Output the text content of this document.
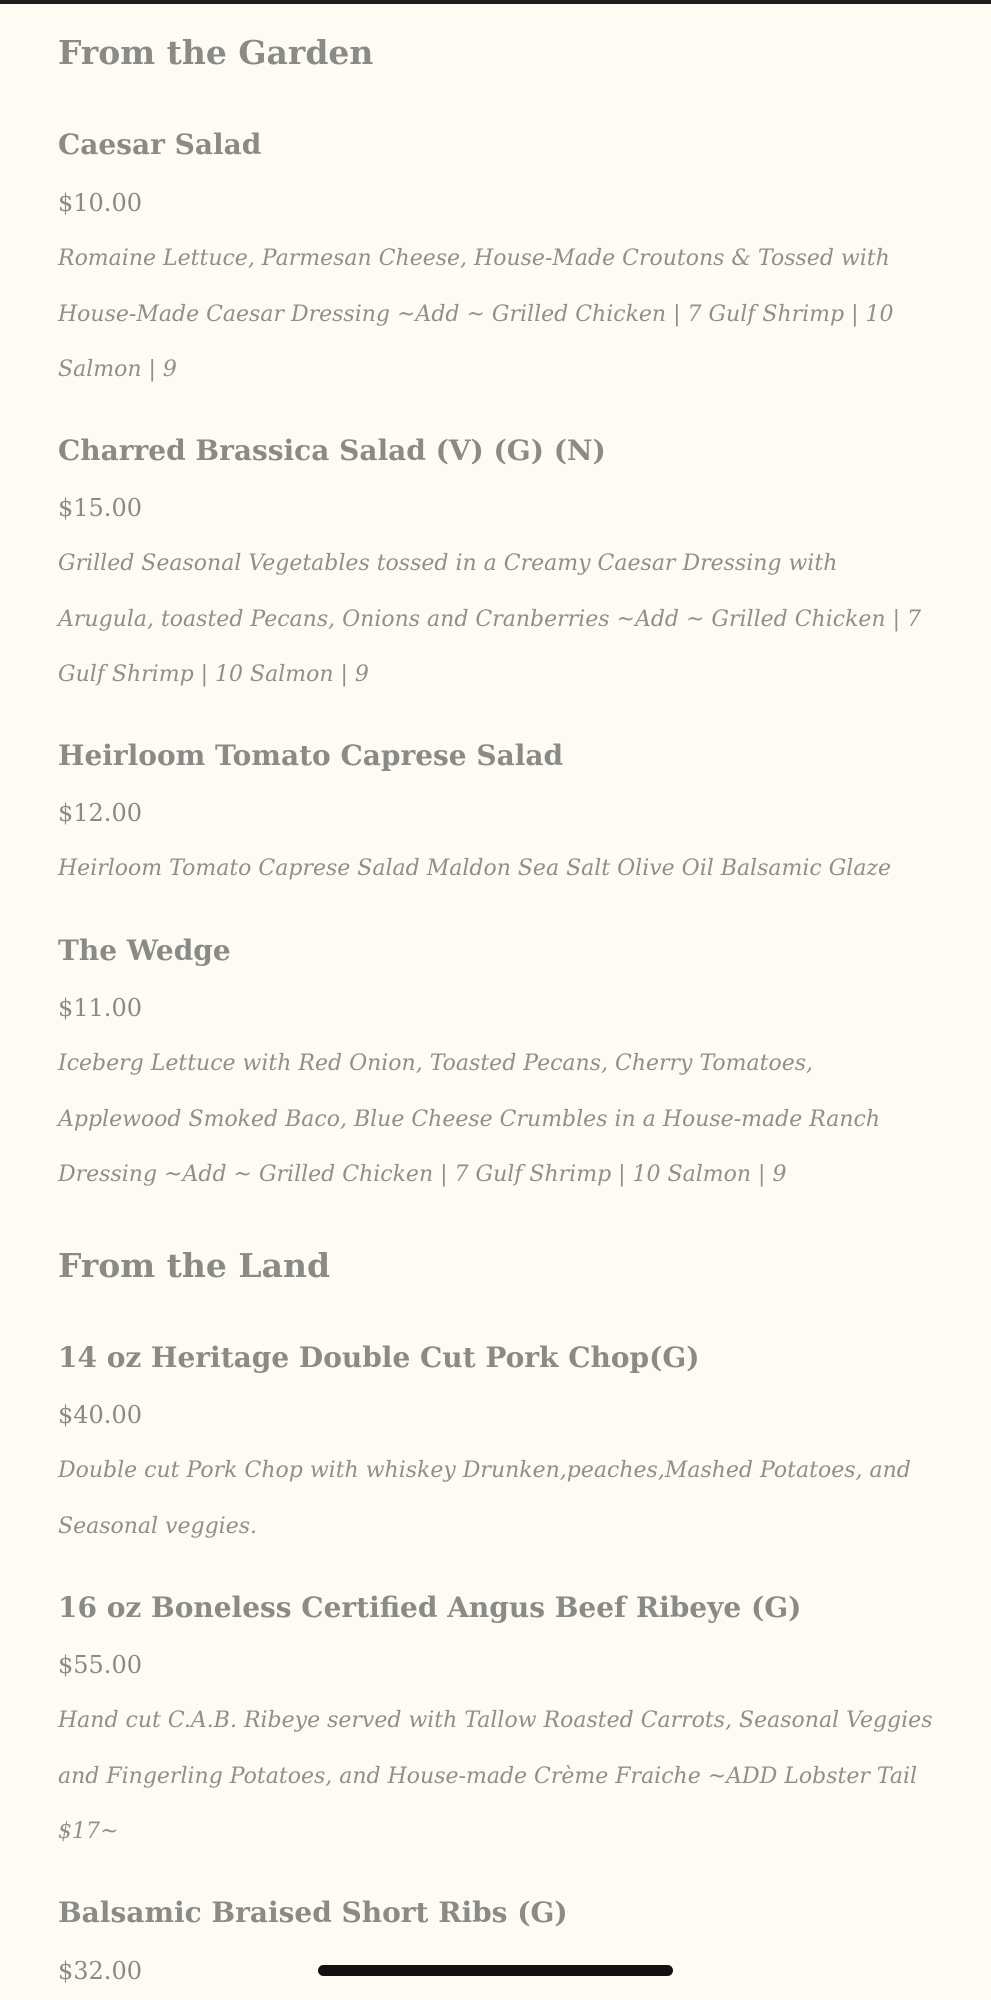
From the Garden
Caesar Salad
$10.00
Romaine Lettuce, Parmesan Cheese, House-Made Croutons & Tossed with House-Made Caesar Dressing ~Add ~ Grilled Chicken | 7 Gulf Shrimp | 10 Salmon | 9
Charred Brassica Salad (V) (G) (N)
$15.00
Grilled Seasonal Vegetables tossed in a Creamy Caesar Dressing with Arugula, toasted Pecans, Onions and Cranberries ~Add ~ Grilled Chicken | 7 Gulf Shrimp | 10 Salmon | 9
Heirloom Tomato Caprese Salad
$12.00
Heirloom Tomato Caprese Salad Maldon Sea Salt Olive Oil Balsamic Glaze
The Wedge
$11.00
Iceberg Lettuce with Red Onion, Toasted Pecans, Cherry Tomatoes, Applewood Smoked Baco, Blue Cheese Crumbles in a House-made Ranch Dressing ~Add ~ Grilled Chicken | 7 Gulf Shrimp | 10 Salmon | 9
From the Land
14 oz Heritage Double Cut Pork Chop(G)
$40.00
Double cut Pork Chop with whiskey Drunken,peaches,Mashed Potatoes, and Seasonal veggies.
16 oz Boneless Certified Angus Beef Ribeye (G)
$55.00
Hand cut C.A.B. Ribeye served with Tallow Roasted Carrots, Seasonal Veggies and Fingerling Potatoes, and House-made Crème Fraiche ~ADD Lobster Tail $17~
Balsamic Braised Short Ribs (G)
$32.00
